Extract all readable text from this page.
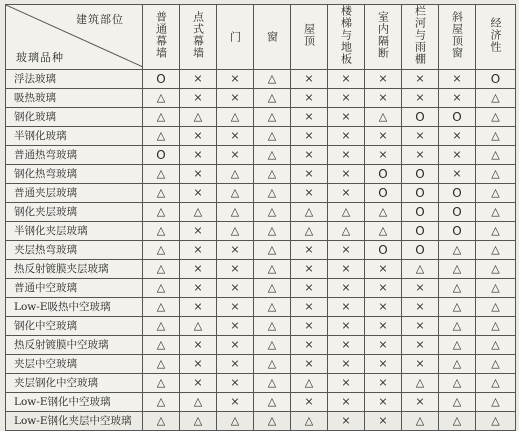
建筑部位
玻璃品种	普通幕墙	点式幕墙	门	窗	屋顶	楼梯与地板	室内隔断	栏河与雨棚	斜屋顶窗	经济性
浮法玻璃	O	×	×	△	×	×	×	×	×	O
吸热玻璃	△	×	×	△	×	×	×	×	×	△
钢化玻璃	△	△	△	△	×	×	△	O	O	△
半钢化玻璃	△	×	×	△	×	×	×	×	×	△
普通热弯玻璃	O	×	×	△	×	×	×	×	×	△
钢化热弯玻璃	△	×	△	△	×	×	O	O	×	△
普通夹层玻璃	△	×	△	△	×	×	O	O	O	△
钢化夹层玻璃	△	△	△	△	△	△	△	O	O	△
半钢化夹层玻璃	△	×	△	△	△	△	△	O	O	△
夹层热弯玻璃	△	×	×	△	×	×	O	O	△	△
热反射镀膜夹层玻璃	△	×	×	△	×	×	×	△	△	△
普通中空玻璃	△	×	×	△	×	×	×	×	△	△
Low-E吸热中空玻璃	△	×	×	△	×	×	×	×	△	△
钢化中空玻璃	△	△	×	△	×	×	×	×	△	△
热反射镀膜中空玻璃	△	×	×	△	×	×	×	×	△	△
夹层中空玻璃	△	×	×	△	×	×	×	×	△	△
夹层钢化中空玻璃	△	×	×	△	△	×	×	△	△	△
Low-E钢化中空玻璃	△	△	×	△	×	×	×	×	△	△
Low-E钢化夹层中空玻璃	△	△	△	△	△	×	×	△	△	△
